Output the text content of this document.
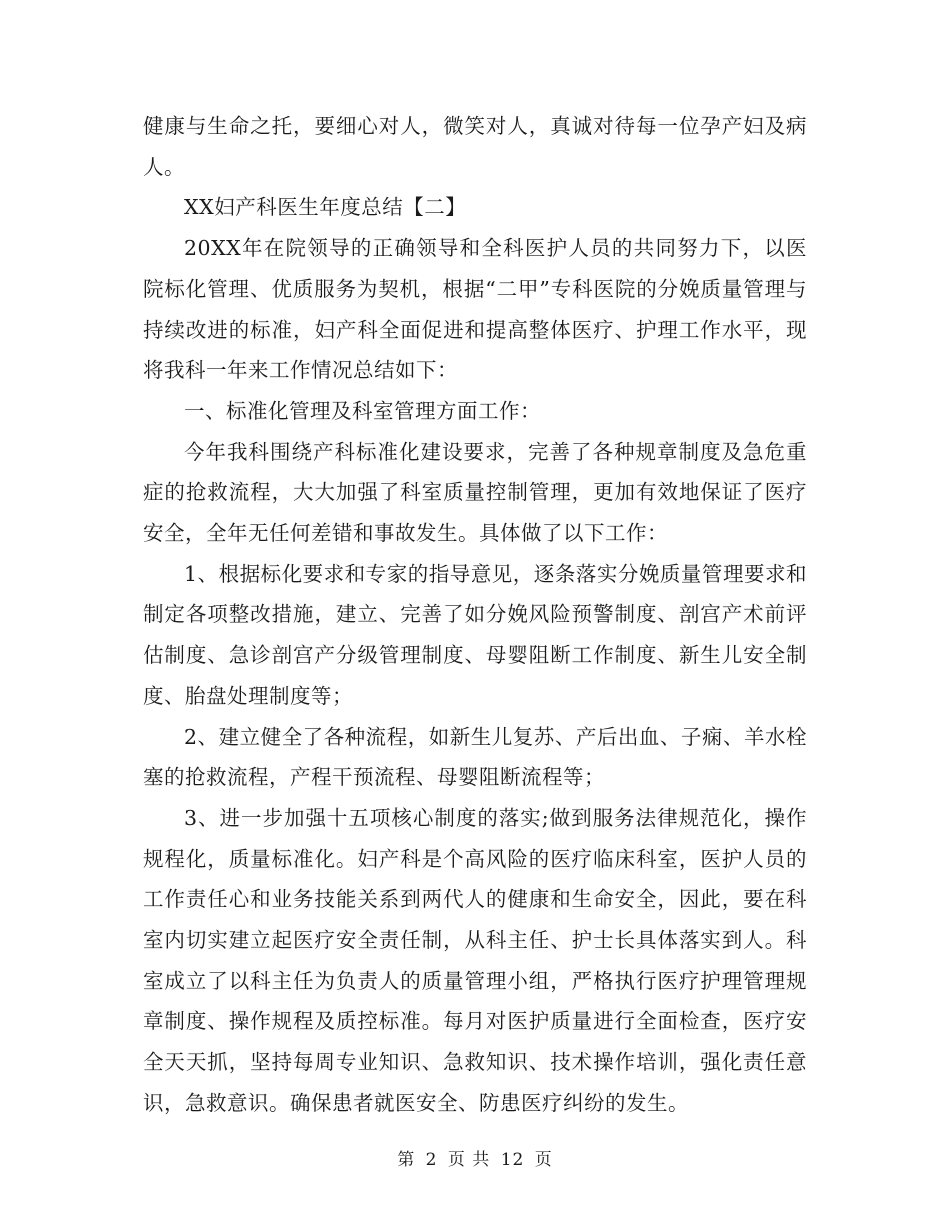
健康与生命之托，要细心对人，微笑对人，真诚对待每一位孕产妇及病人。

XX妇产科医生年度总结【二】

20XX年在院领导的正确领导和全科医护人员的共同努力下，以医院标化管理、优质服务为契机，根据“二甲”专科医院的分娩质量管理与持续改进的标准，妇产科全面促进和提高整体医疗、护理工作水平，现将我科一年来工作情况总结如下：

一、标准化管理及科室管理方面工作：

今年我科围绕产科标准化建设要求，完善了各种规章制度及急危重症的抢救流程，大大加强了科室质量控制管理，更加有效地保证了医疗安全，全年无任何差错和事故发生。具体做了以下工作：

1、根据标化要求和专家的指导意见，逐条落实分娩质量管理要求和制定各项整改措施，建立、完善了如分娩风险预警制度、剖宫产术前评估制度、急诊剖宫产分级管理制度、母婴阻断工作制度、新生儿安全制度、胎盘处理制度等；

2、建立健全了各种流程，如新生儿复苏、产后出血、子痫、羊水栓塞的抢救流程，产程干预流程、母婴阻断流程等；

3、进一步加强十五项核心制度的落实;做到服务法律规范化，操作规程化，质量标准化。妇产科是个高风险的医疗临床科室，医护人员的工作责任心和业务技能关系到两代人的健康和生命安全，因此，要在科室内切实建立起医疗安全责任制，从科主任、护士长具体落实到人。科室成立了以科主任为负责人的质量管理小组，严格执行医疗护理管理规章制度、操作规程及质控标准。每月对医护质量进行全面检查，医疗安全天天抓，坚持每周专业知识、急救知识、技术操作培训，强化责任意识，急救意识。确保患者就医安全、防患医疗纠纷的发生。

第 2 页 共 12 页
